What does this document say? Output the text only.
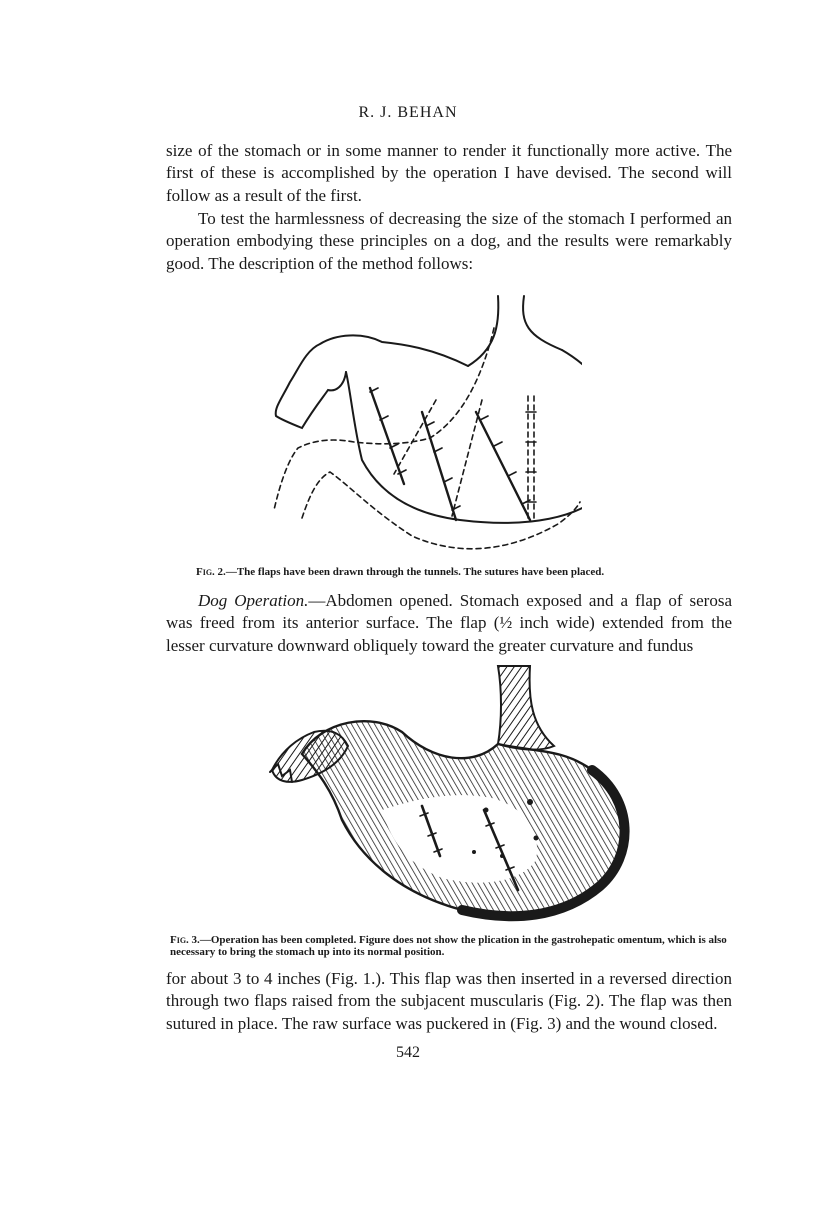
R. J. BEHAN

size of the stomach or in some manner to render it functionally more active. The first of these is accomplished by the operation I have devised. The second will follow as a result of the first.

To test the harmlessness of decreasing the size of the stomach I performed an operation embodying these principles on a dog, and the results were remarkably good. The description of the method follows:

Fig. 2.—The flaps have been drawn through the tunnels. The sutures have been placed.

Dog Operation.—Abdomen opened. Stomach exposed and a flap of serosa was freed from its anterior surface. The flap (½ inch wide) extended from the lesser curvature downward obliquely toward the greater curvature and fundus

Fig. 3.—Operation has been completed. Figure does not show the plication in the gastrohepatic omentum, which is also necessary to bring the stomach up into its normal position.

for about 3 to 4 inches (Fig. 1.). This flap was then inserted in a reversed direction through two flaps raised from the subjacent muscularis (Fig. 2). The flap was then sutured in place. The raw surface was puckered in (Fig. 3) and the wound closed.

542
